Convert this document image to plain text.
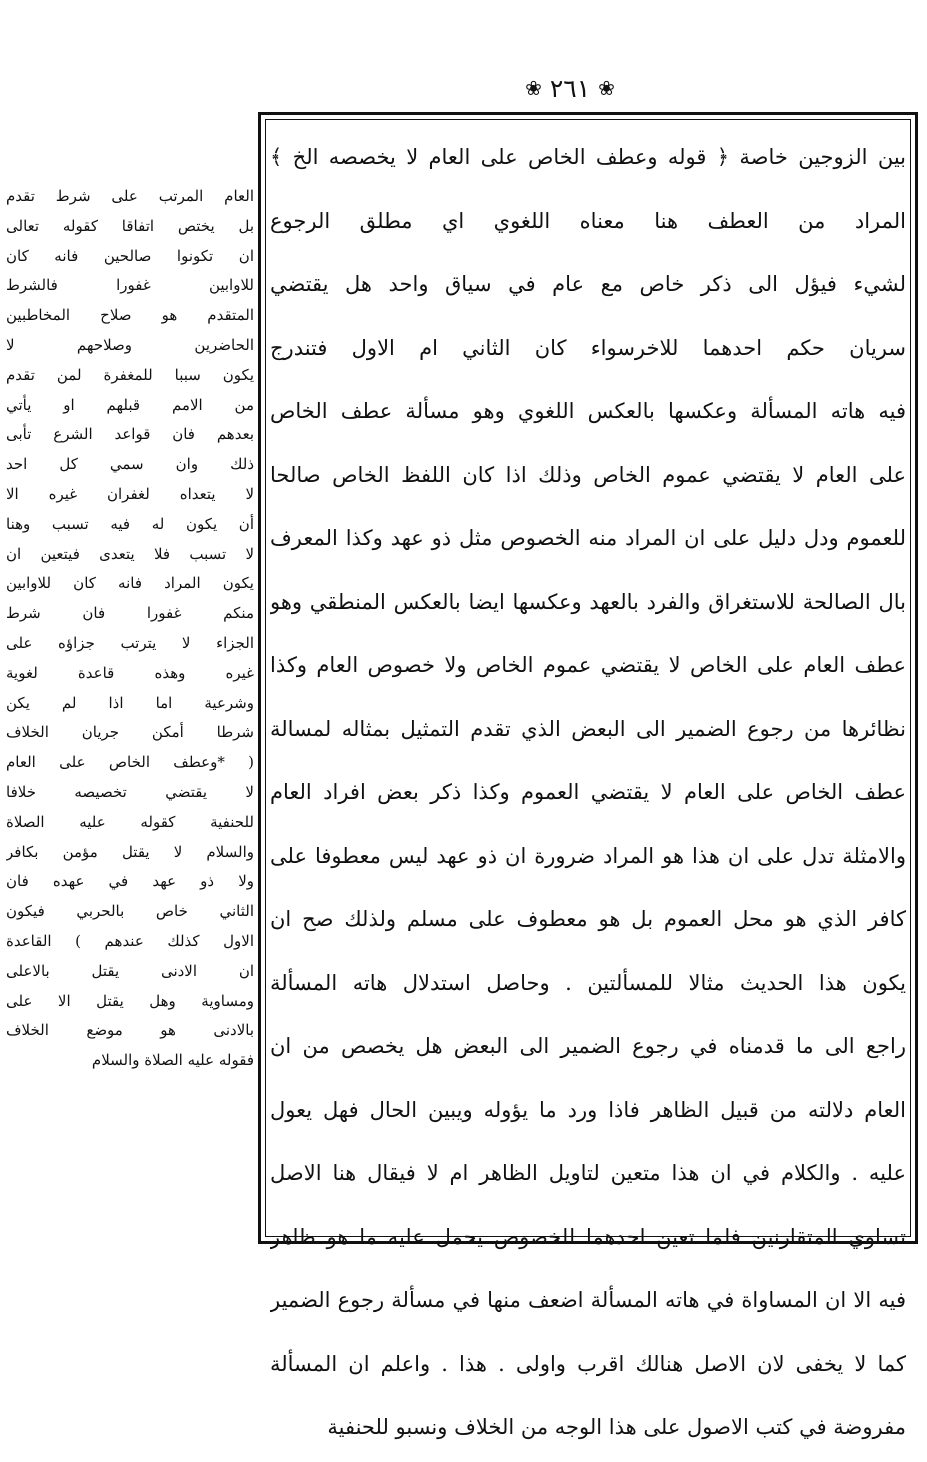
❀ ٢٦١ ❀
بين الزوجين خاصة ﴿ قوله وعطف الخاص على العام لا يخصصه الخ ﴾
المراد من العطف هنا معناه اللغوي اي مطلق الرجوع
لشيء فيؤل الى ذكر خاص مع عام في سياق واحد هل يقتضي
سريان حكم احدهما للاخرسواء كان الثاني ام الاول فتندرج
فيه هاته المسألة وعكسها بالعكس اللغوي وهو مسألة عطف الخاص
على العام لا يقتضي عموم الخاص وذلك اذا كان اللفظ الخاص صالحا
للعموم ودل دليل على ان المراد منه الخصوص مثل ذو عهد وكذا المعرف
بال الصالحة للاستغراق والفرد بالعهد وعكسها ايضا بالعكس المنطقي وهو
عطف العام على الخاص لا يقتضي عموم الخاص ولا خصوص العام وكذا
نظائرها من رجوع الضمير الى البعض الذي تقدم التمثيل بمثاله لمسالة
عطف الخاص على العام لا يقتضي العموم وكذا ذكر بعض افراد العام
والامثلة تدل على ان هذا هو المراد ضرورة ان ذو عهد ليس معطوفا على
كافر الذي هو محل العموم بل هو معطوف على مسلم ولذلك صح ان
يكون هذا الحديث مثالا للمسألتين . وحاصل استدلال هاته المسألة
راجع الى ما قدمناه في رجوع الضمير الى البعض هل يخصص من ان
العام دلالته من قبيل الظاهر فاذا ورد ما يؤوله ويبين الحال فهل يعول
عليه . والكلام في ان هذا متعين لتاويل الظاهر ام لا فيقال هنا الاصل
تساوي المتقارنين فلما تعين احدهما للخصوص يحمل عليه ما هو ظاهر
فيه الا ان المساواة في هاته المسألة اضعف منها في مسألة رجوع الضمير
كما لا يخفى لان الاصل هنالك اقرب واولى . هذا . واعلم ان المسألة
مفروضة في كتب الاصول على هذا الوجه من الخلاف ونسبو للحنفية
العام المرتب على شرط تقدم
بل يختص اتفاقا كقوله تعالى
ان تكونوا صالحين فانه كان
للاوابين غفورا فالشرط
المتقدم هو صلاح المخاطبين
الحاضرين وصلاحهم لا
يكون سببا للمغفرة لمن تقدم
من الامم قبلهم او يأتي
بعدهم فان قواعد الشرع تأبى
ذلك وان سمي كل احد
لا يتعداه لغفران غيره الا
أن يكون له فيه تسبب وهنا
لا تسبب فلا يتعدى فيتعين ان
يكون المراد فانه كان للاوابين
منكم غفورا فان شرط
الجزاء لا يترتب جزاؤه على
غيره وهذه قاعدة لغوية
وشرعية اما اذا لم يكن
شرطا أمكن جريان الخلاف
( *وعطف الخاص على العام
لا يقتضي تخصيصه خلافا
للحنفية كقوله عليه الصلاة
والسلام لا يقتل مؤمن بكافر
ولا ذو عهد في عهده فان
الثاني خاص بالحربي فيكون
الاول كذلك عندهم ) القاعدة
ان الادنى يقتل بالاعلى
ومساوية وهل يقتل الا على
بالادنى هو موضع الخلاف
فقوله عليه الصلاة والسلام
